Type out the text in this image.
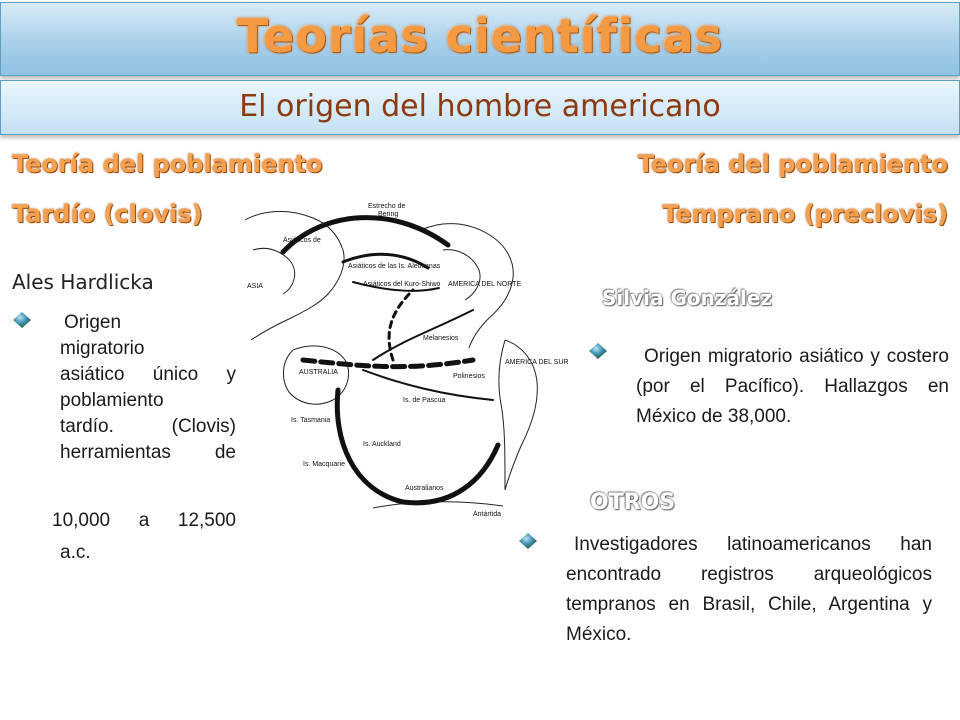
Teorías científicas
El origen del hombre americano
Teoría del poblamiento
Tardío (clovis)
Ales Hardlicka
Origen
migratorio
asiático único y
poblamiento
tardío. (Clovis)
herramientas de
10,000 a 12,500
a.c.
Estrecho de
Bering
Asiáticos de
ASIA
Asiáticos de las Is. Aleutianas
Asiáticos del Kuro-Shiwo AMERICA DEL NORTE
Melanesios
AMERICA DEL SUR
Polinesios
AUSTRALIA
Is. de Pascua
Is. Tasmania
Is. Auckland
Is. Macquarie
Australianos
Antártida
Teoría del poblamiento
Temprano (preclovis)
Silvia González
Origen migratorio asiático y costero (por el Pacífico). Hallazgos en México de 38,000.
OTROS
Investigadores latinoamericanos han encontrado registros arqueológicos tempranos en Brasil, Chile, Argentina y México.
